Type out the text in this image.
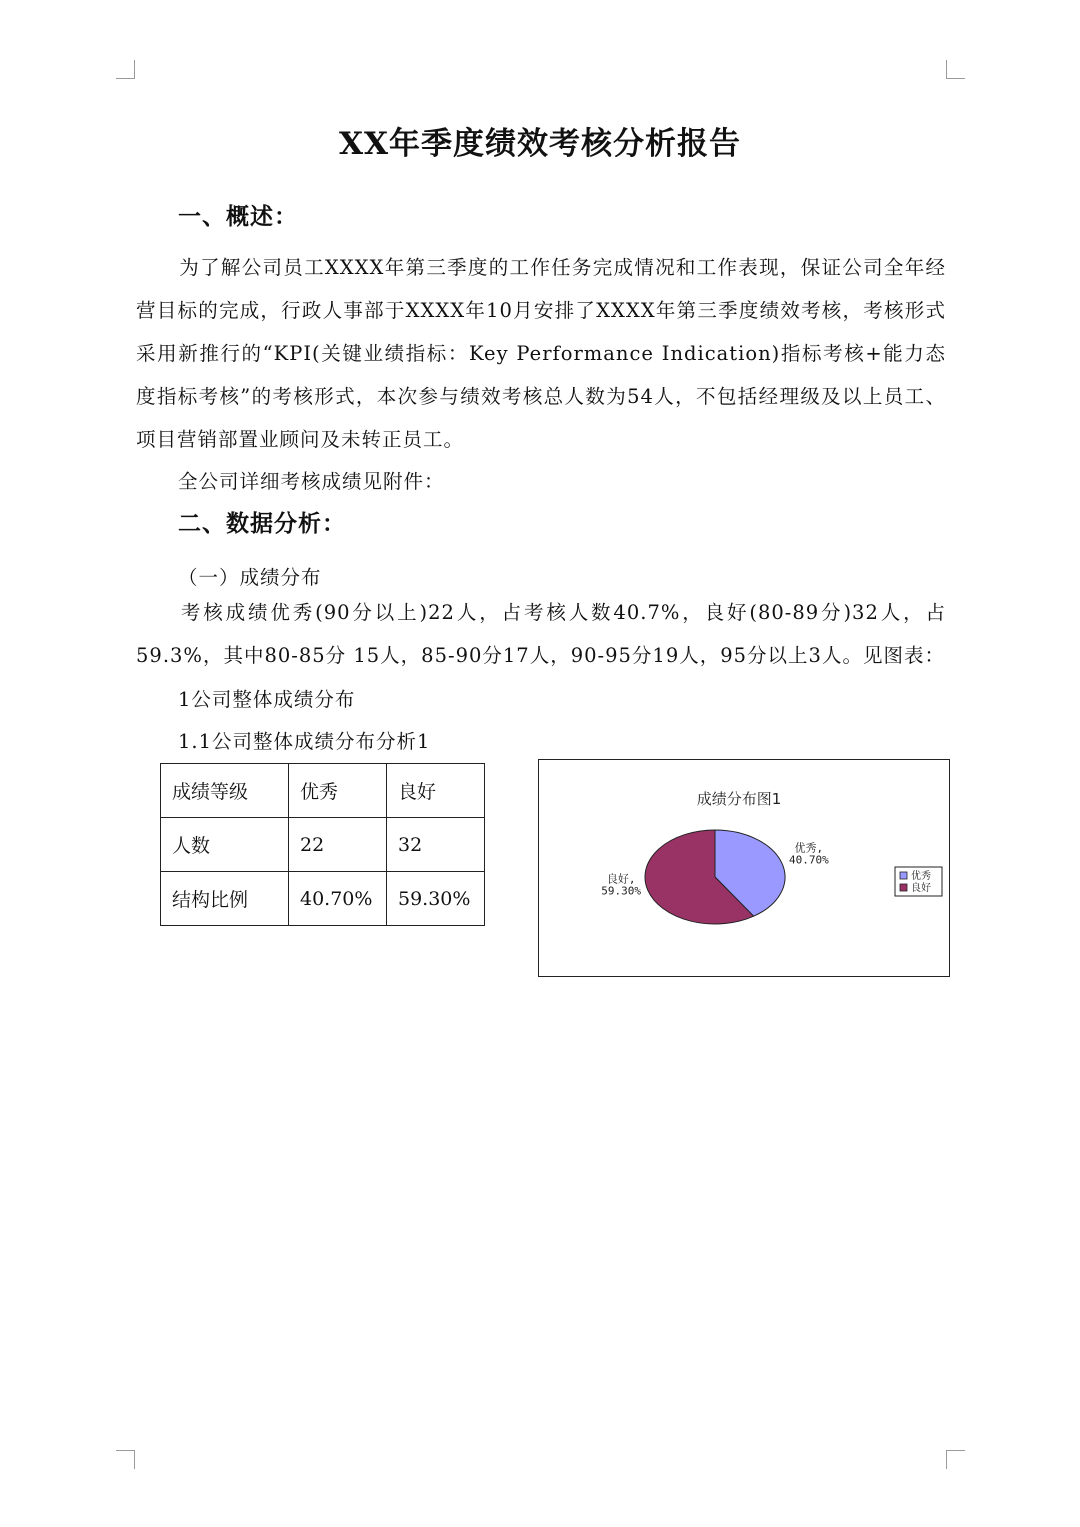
XX年季度绩效考核分析报告
一、概述：
为了解公司员工XXXX年第三季度的工作任务完成情况和工作表现，保证公司全年经营目标的完成，行政人事部于XXXX年10月安排了XXXX年第三季度绩效考核，考核形式采用新推行的“KPI(关键业绩指标：Key Performance Indication)指标考核+能力态度指标考核”的考核形式，本次参与绩效考核总人数为54人，不包括经理级及以上员工、项目营销部置业顾问及未转正员工。
全公司详细考核成绩见附件：
二、数据分析：
（一）成绩分布
考核成绩优秀(90分以上)22人，占考核人数40.7%，良好(80-89分)32人，占59.3%，其中80-85分 15人，85-90分17人，90-95分19人，95分以上3人。见图表：
1公司整体成绩分布
1.1公司整体成绩分布分析1
成绩等级	优秀	良好
人数	22	32
结构比例	40.70%	59.30%
成绩分布图1
优秀, 40.70%
良好, 59.30%
优秀
良好
